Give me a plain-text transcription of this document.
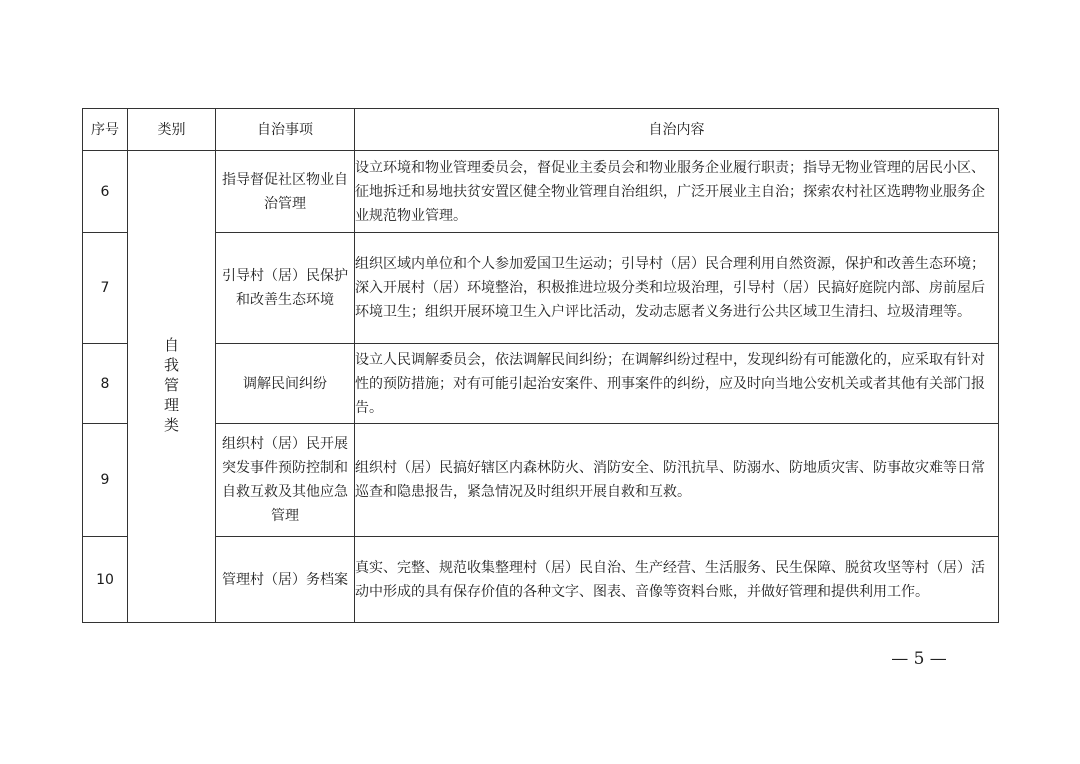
序号	类别	自治事项	自治内容
6	自我管理类	指导督促社区物业自治管理	设立环境和物业管理委员会，督促业主委员会和物业服务企业履行职责；指导无物业管理的居民小区、征地拆迁和易地扶贫安置区健全物业管理自治组织，广泛开展业主自治；探索农村社区选聘物业服务企业规范物业管理。
7		引导村（居）民保护和改善生态环境	组织区域内单位和个人参加爱国卫生运动；引导村（居）民合理利用自然资源，保护和改善生态环境；深入开展村（居）环境整治，积极推进垃圾分类和垃圾治理，引导村（居）民搞好庭院内部、房前屋后环境卫生；组织开展环境卫生入户评比活动，发动志愿者义务进行公共区域卫生清扫、垃圾清理等。
8		调解民间纠纷	设立人民调解委员会，依法调解民间纠纷；在调解纠纷过程中，发现纠纷有可能激化的，应采取有针对性的预防措施；对有可能引起治安案件、刑事案件的纠纷，应及时向当地公安机关或者其他有关部门报告。
9		组织村（居）民开展突发事件预防控制和自救互救及其他应急管理	组织村（居）民搞好辖区内森林防火、消防安全、防汛抗旱、防溺水、防地质灾害、防事故灾难等日常巡查和隐患报告，紧急情况及时组织开展自救和互救。
10		管理村（居）务档案	真实、完整、规范收集整理村（居）民自治、生产经营、生活服务、民生保障、脱贫攻坚等村（居）活动中形成的具有保存价值的各种文字、图表、音像等资料台账，并做好管理和提供利用工作。
— 5 —
